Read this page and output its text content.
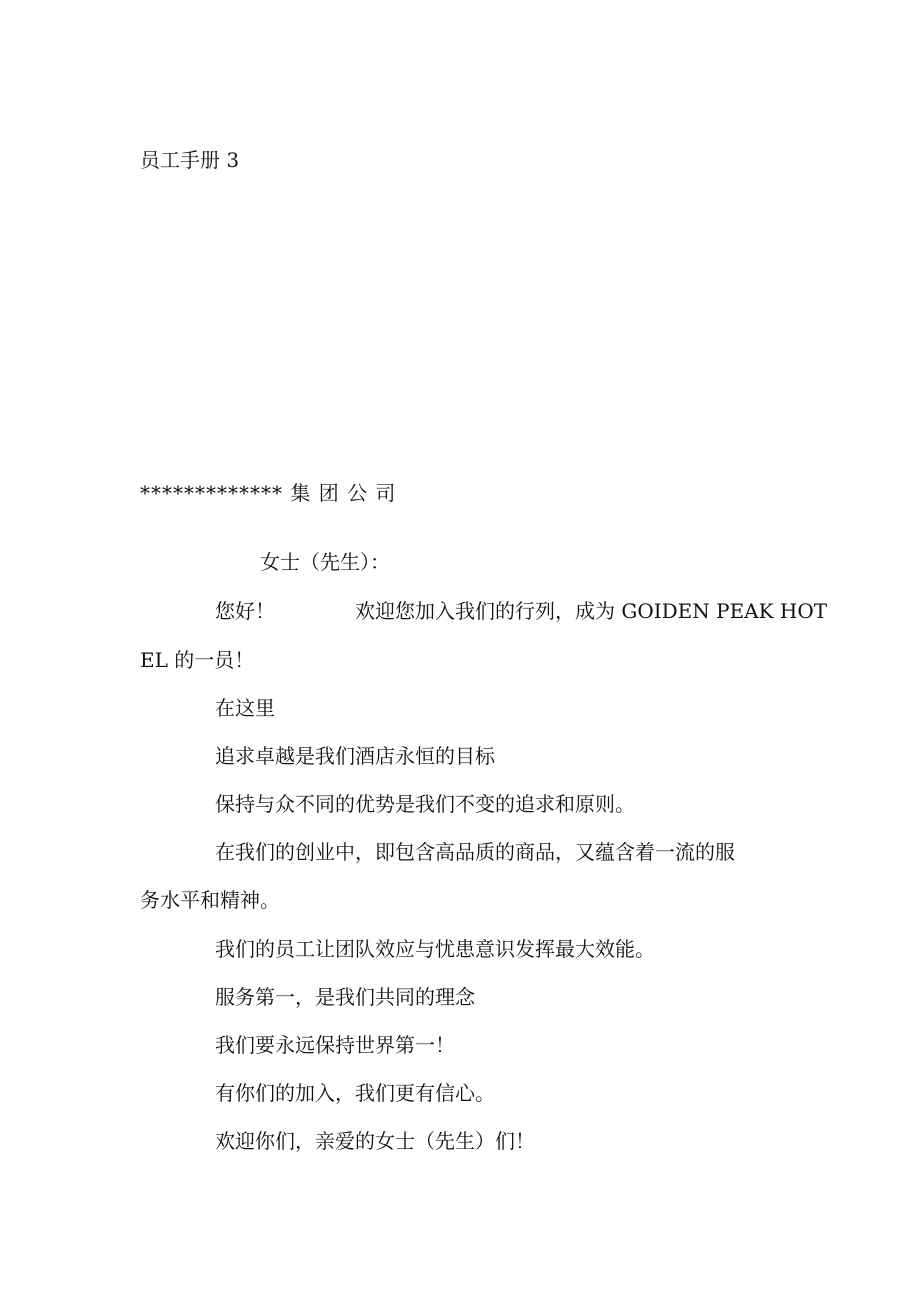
员工手册 3
************* 集 团 公 司
女士（先生）：
您好！	欢迎您加入我们的行列，成为 GOIDEN PEAK HOT
EL 的一员！
在这里
追求卓越是我们酒店永恒的目标
保持与众不同的优势是我们不变的追求和原则。
在我们的创业中，即包含高品质的商品，又蕴含着一流的服
务水平和精神。
我们的员工让团队效应与忧患意识发挥最大效能。
服务第一，是我们共同的理念
我们要永远保持世界第一！
有你们的加入，我们更有信心。
欢迎你们，亲爱的女士（先生）们！
